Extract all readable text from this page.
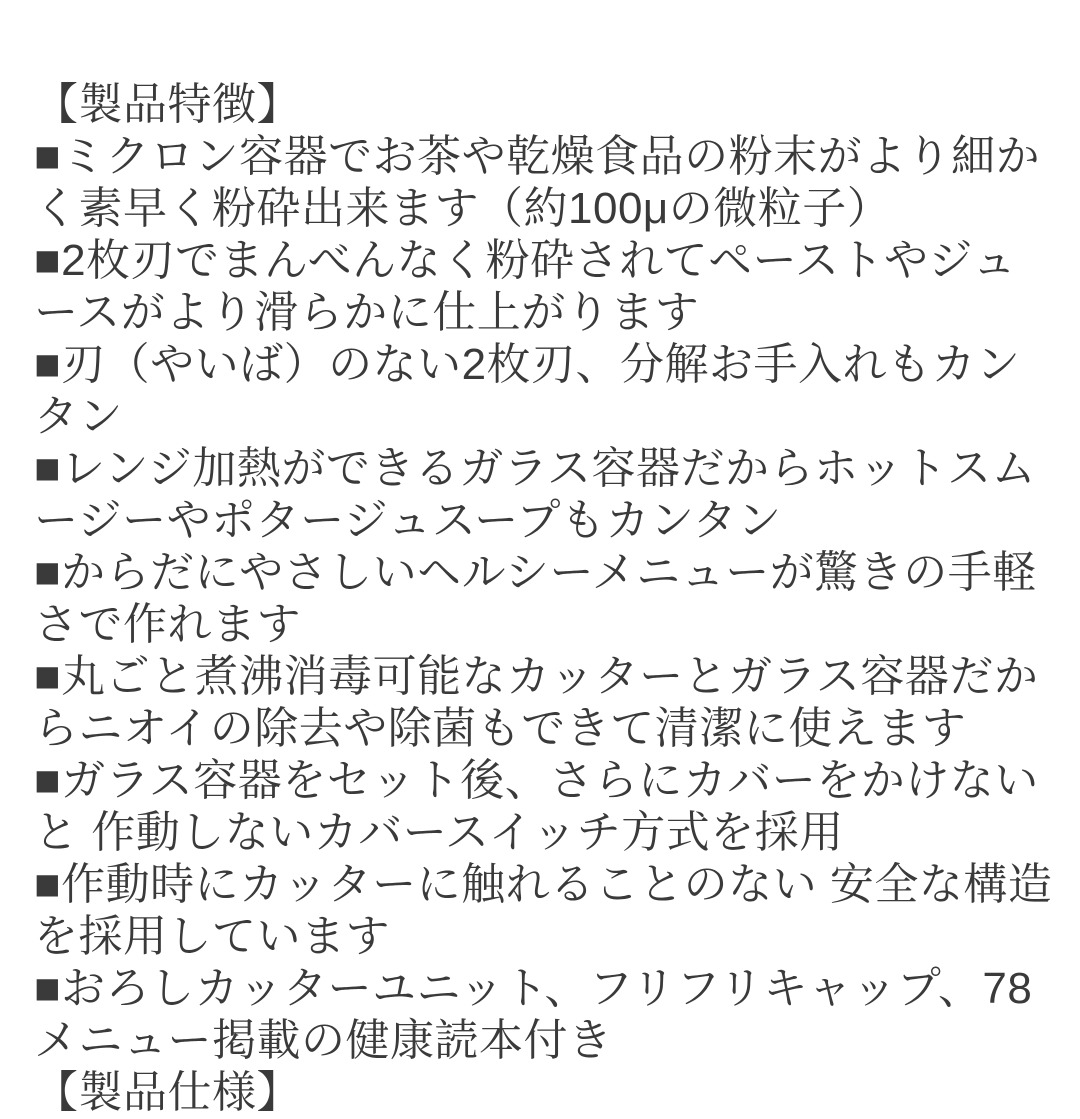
【製品特徴】
■ミクロン容器でお茶や乾燥食品の粉末がより細か
く素早く粉砕出来ます（約100μの微粒子）
■2枚刃でまんべんなく粉砕されてペーストやジュ
ースがより滑らかに仕上がります
■刃（やいば）のない2枚刃、分解お手入れもカン
タン
■レンジ加熱ができるガラス容器だからホットスム
ージーやポタージュスープもカンタン
■からだにやさしいヘルシーメニューが驚きの手軽
さで作れます
■丸ごと煮沸消毒可能なカッターとガラス容器だか
らニオイの除去や除菌もできて清潔に使えます
■ガラス容器をセット後、さらにカバーをかけない
と 作動しないカバースイッチ方式を採用
■作動時にカッターに触れることのない 安全な構造
を採用しています
■おろしカッターユニット、フリフリキャップ、78
メニュー掲載の健康読本付き
【製品仕様】
